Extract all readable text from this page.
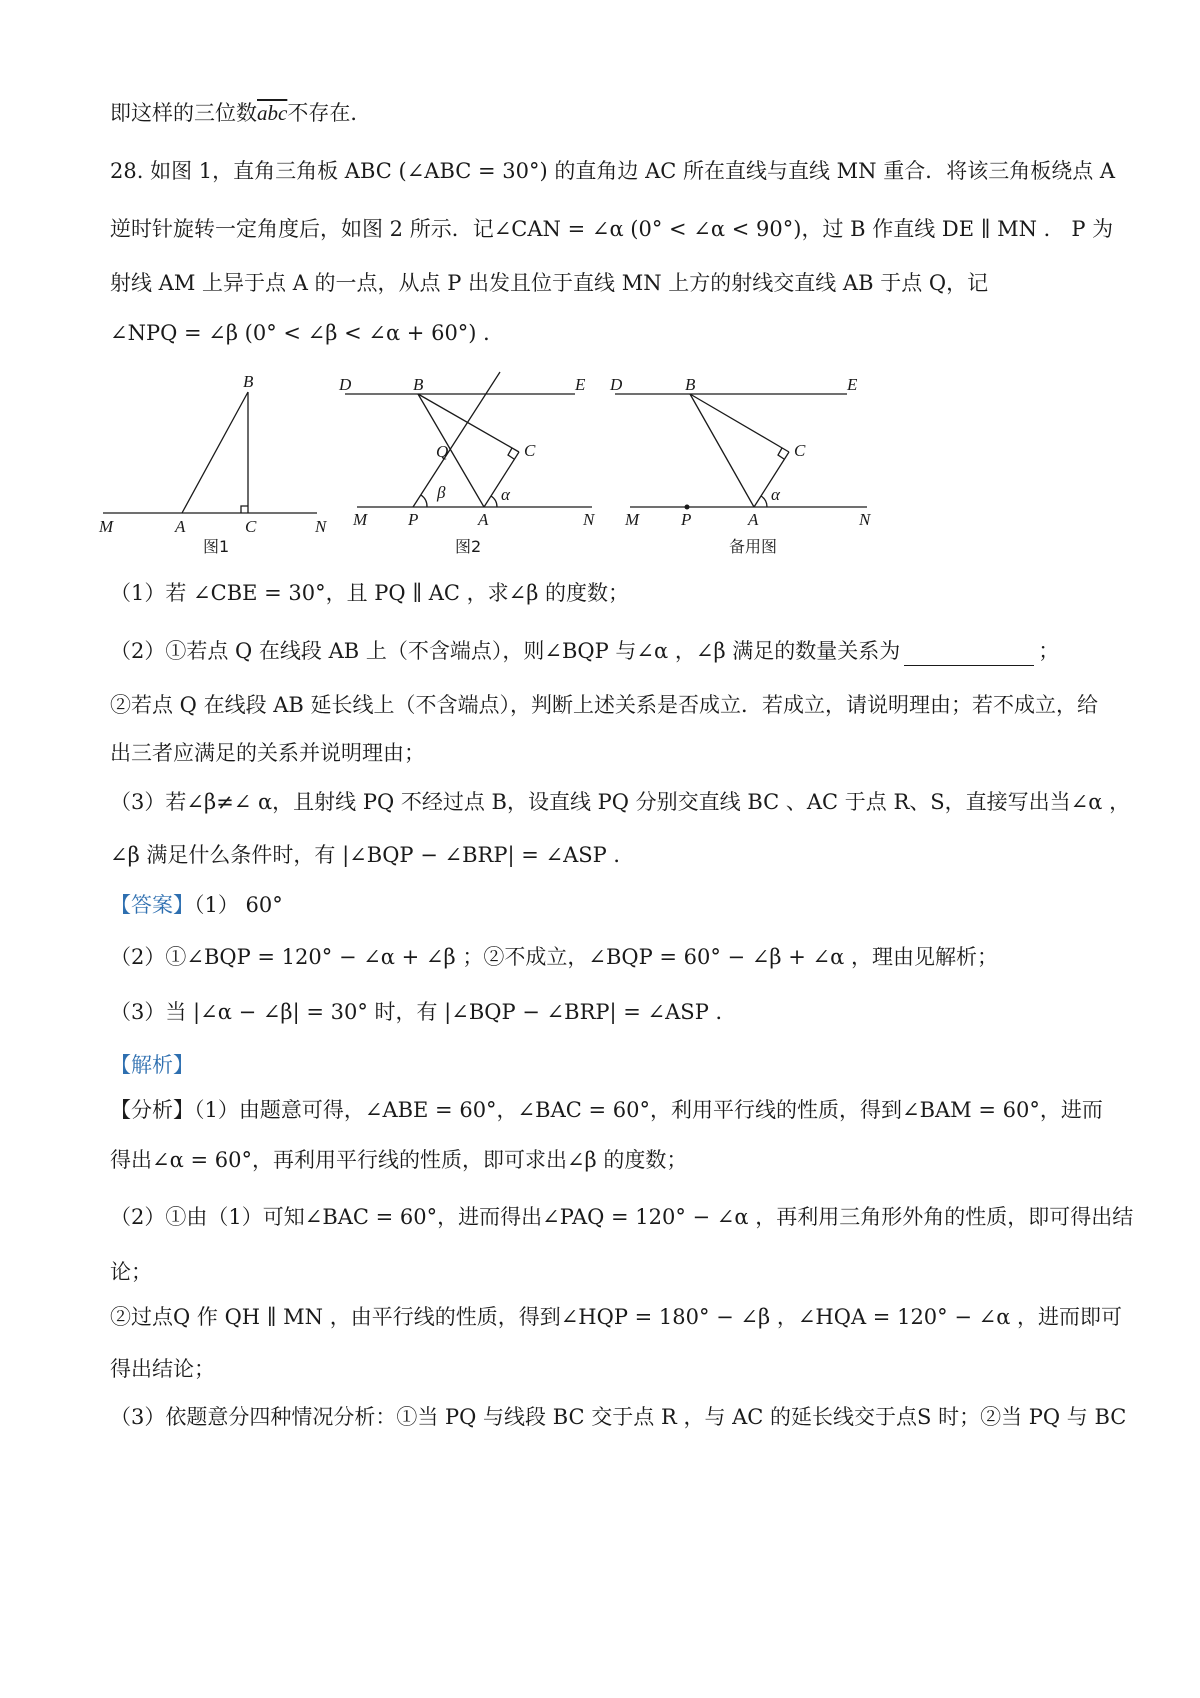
即这样的三位数$\overline{abc}$不存在．
28. 如图 1，直角三角板 ABC (∠ABC = 30°) 的直角边 AC 所在直线与直线 MN 重合．将该三角板绕点 A
逆时针旋转一定角度后，如图 2 所示．记∠CAN = ∠α (0° < ∠α < 90°)，过 B 作直线 DE ∥ MN ． P 为
射线 AM 上异于点 A 的一点，从点 P 出发且位于直线 MN 上方的射线交直线 AB 于点 Q，记
∠NPQ = ∠β (0° < ∠β < ∠α + 60°) ．
B
M	A	C	N
图1
D	B	E
Q	C
β	α
M P	A	N
图2
D	B	E
C
α
M P	A	N
备用图
（1）若 ∠CBE = 30°，且 PQ ∥ AC ，求∠β 的度数；
（2）①若点 Q 在线段 AB 上（不含端点），则∠BQP 与∠α ，∠β 满足的数量关系为	；
②若点 Q 在线段 AB 延长线上（不含端点），判断上述关系是否成立．若成立，请说明理由；若不成立，给
出三者应满足的关系并说明理由；
（3）若∠β≠∠ α，且射线 PQ 不经过点 B，设直线 PQ 分别交直线 BC 、AC 于点 R、S，直接写出当∠α ，
∠β 满足什么条件时，有 |∠BQP − ∠BRP| = ∠ASP ．
【答案】（1） 60°
（2）①∠BQP = 120° − ∠α + ∠β ；②不成立，∠BQP = 60° − ∠β + ∠α ，理由见解析；
（3）当 |∠α − ∠β| = 30° 时，有 |∠BQP − ∠BRP| = ∠ASP ．
【解析】
【分析】（1）由题意可得，∠ABE = 60°，∠BAC = 60°，利用平行线的性质，得到∠BAM = 60°，进而
得出∠α = 60°，再利用平行线的性质，即可求出∠β 的度数；
（2）①由（1）可知∠BAC = 60°，进而得出∠PAQ = 120° − ∠α ，再利用三角形外角的性质，即可得出结
论；
②过点Q 作 QH ∥ MN ，由平行线的性质，得到∠HQP = 180° − ∠β ，∠HQA = 120° − ∠α ，进而即可
得出结论；
（3）依题意分四种情况分析：①当 PQ 与线段 BC 交于点 R ，与 AC 的延长线交于点S 时；②当 PQ 与 BC
